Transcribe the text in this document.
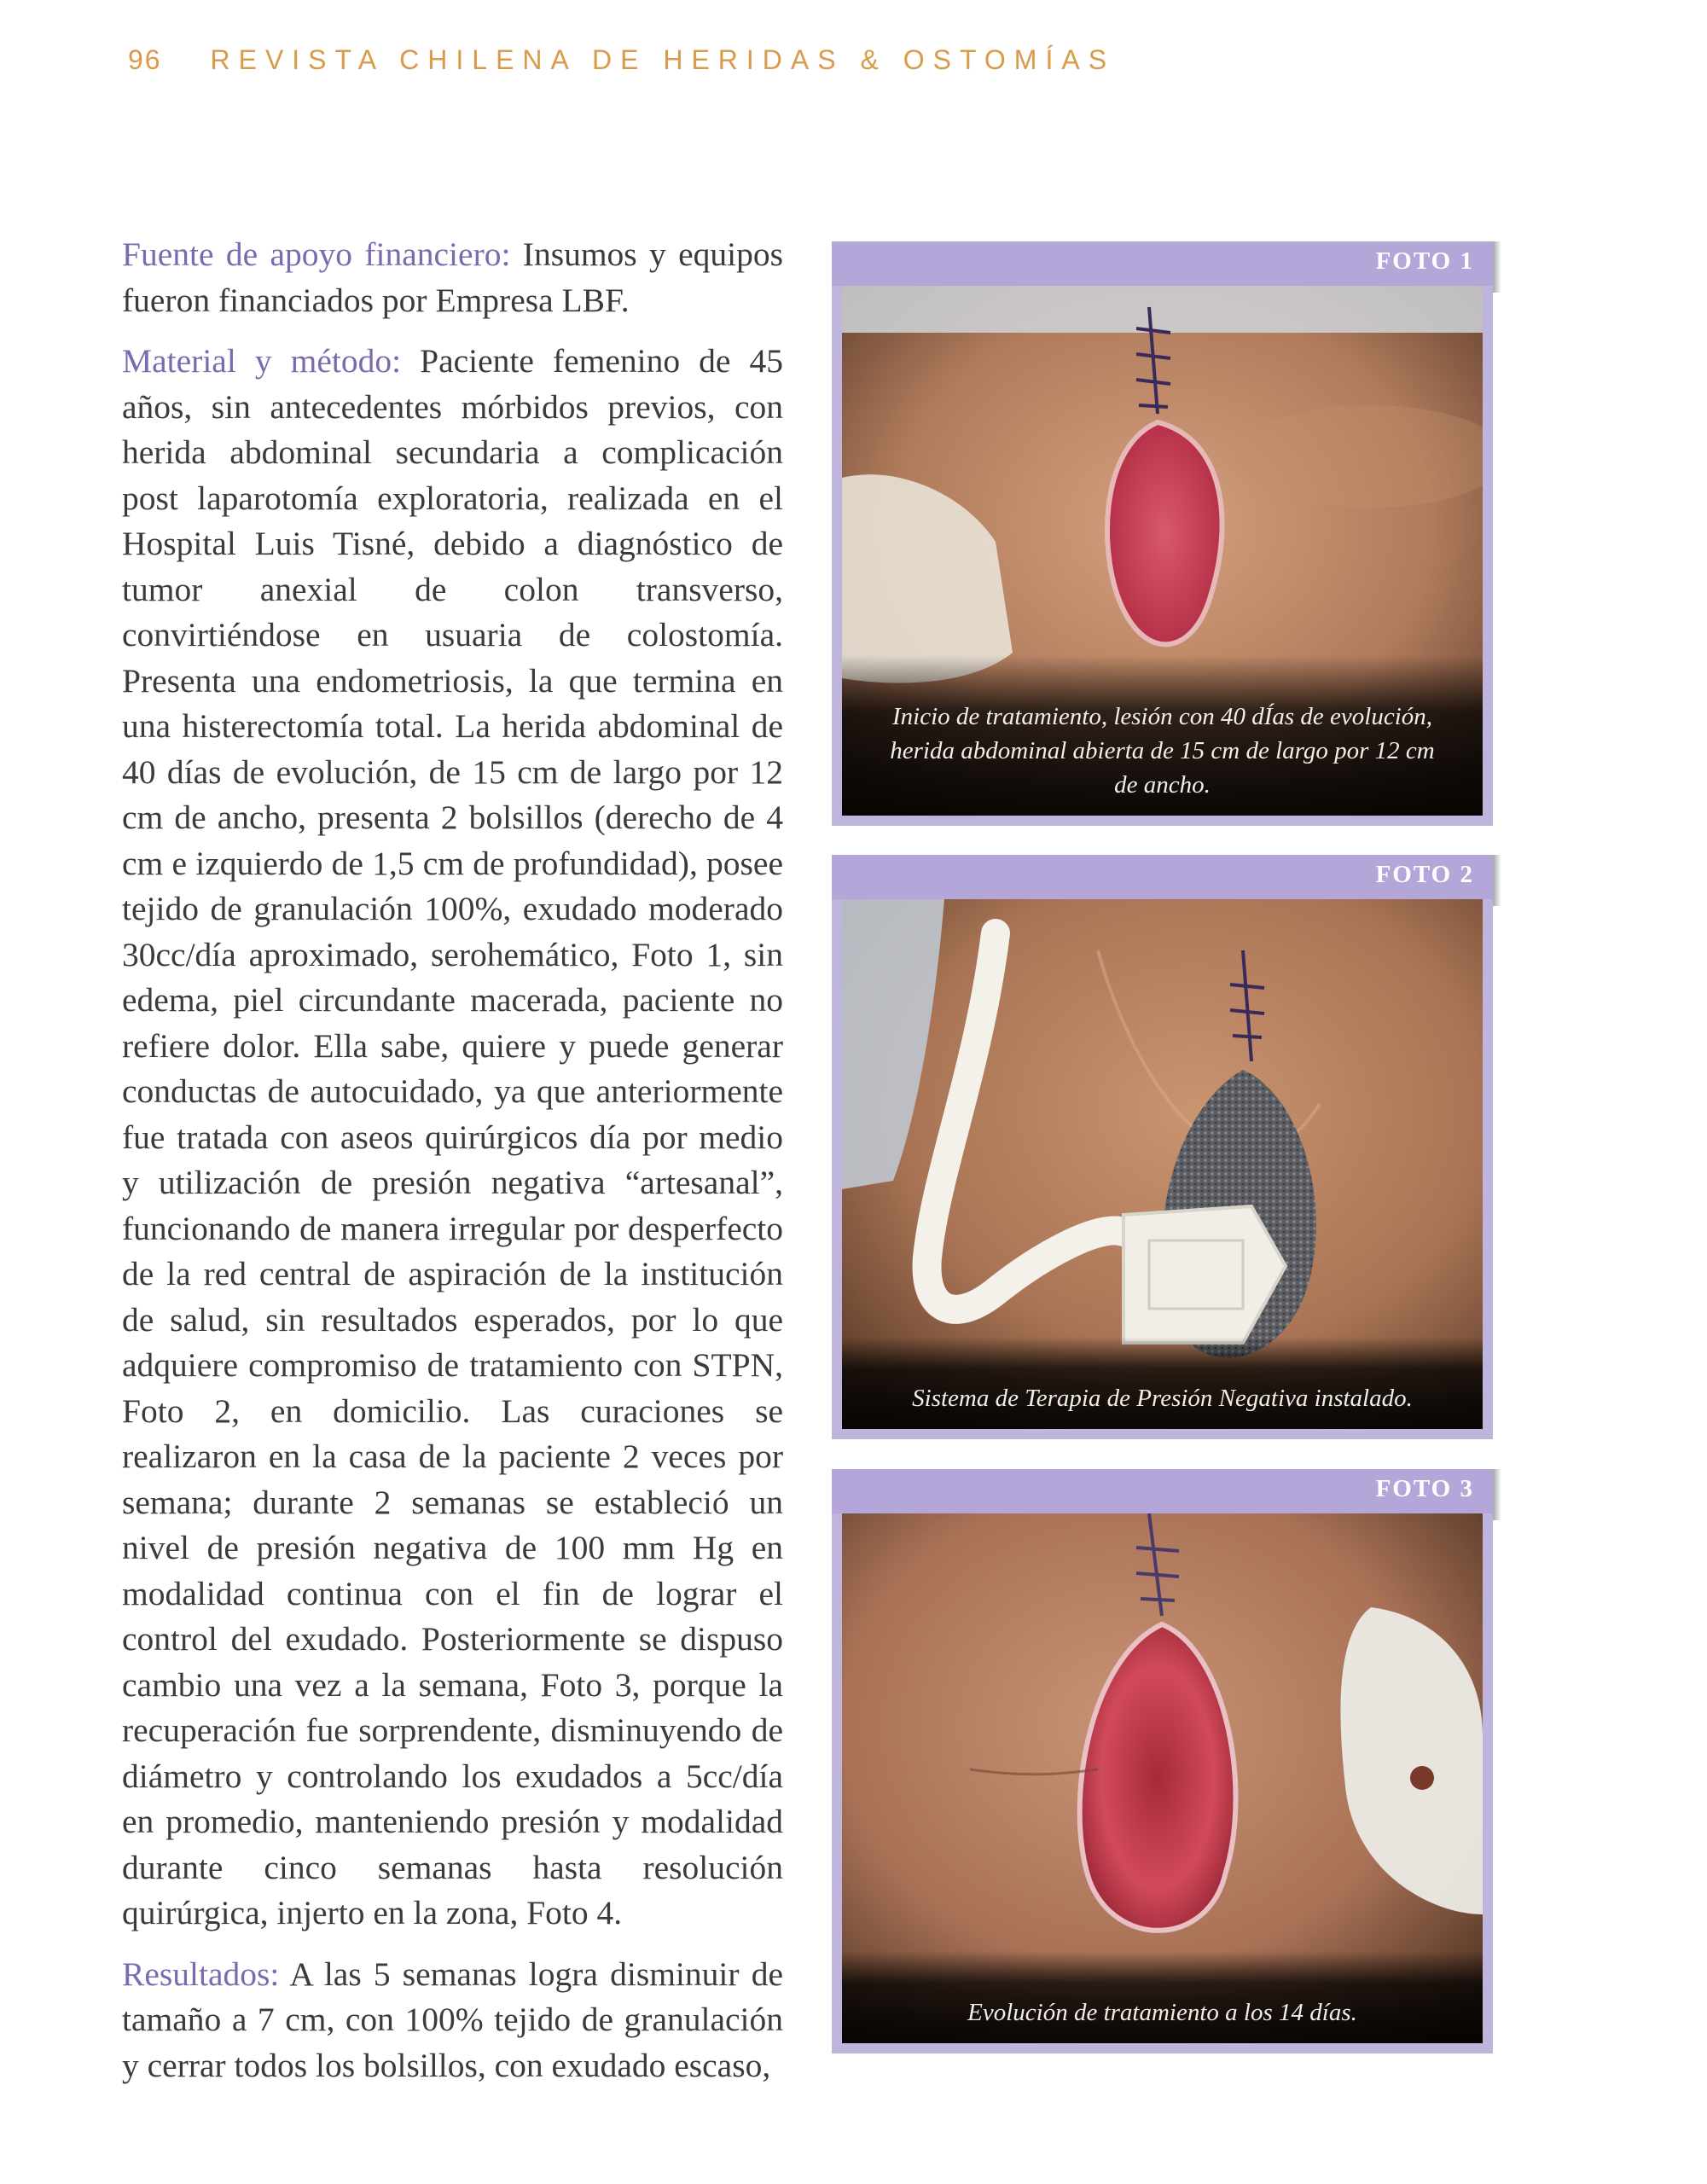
96 REVISTA CHILENA DE HERIDAS & OSTOMÍAS

Fuente de apoyo financiero: Insumos y equipos fueron financiados por Empresa LBF.

Material y método: Paciente femenino de 45 años, sin antecedentes mórbidos previos, con herida abdominal secundaria a complicación post laparotomía exploratoria, realizada en el Hospital Luis Tisné, debido a diagnóstico de tumor anexial de colon transverso, convirtiéndose en usuaria de colostomía. Presenta una endometriosis, la que termina en una histerectomía total. La herida abdominal de 40 días de evolución, de 15 cm de largo por 12 cm de ancho, presenta 2 bolsillos (derecho de 4 cm e izquierdo de 1,5 cm de profundidad), posee tejido de granulación 100%, exudado moderado 30cc/día aproximado, serohemático, Foto 1, sin edema, piel circundante macerada, paciente no refiere dolor. Ella sabe, quiere y puede generar conductas de autocuidado, ya que anteriormente fue tratada con aseos quirúrgicos día por medio y utilización de presión negativa “artesanal”, funcionando de manera irregular por desperfecto de la red central de aspiración de la institución de salud, sin resultados esperados, por lo que adquiere compromiso de tratamiento con STPN, Foto 2, en domicilio. Las curaciones se realizaron en la casa de la paciente 2 veces por semana; durante 2 semanas se estableció un nivel de presión negativa de 100 mm Hg en modalidad continua con el fin de lograr el control del exudado. Posteriormente se dispuso cambio una vez a la semana, Foto 3, porque la recuperación fue sorprendente, disminuyendo de diámetro y controlando los exudados a 5cc/día en promedio, manteniendo presión y modalidad durante cinco semanas hasta resolución quirúrgica, injerto en la zona, Foto 4.

Resultados: A las 5 semanas logra disminuir de tamaño a 7 cm, con 100% tejido de granulación y cerrar todos los bolsillos, con exudado escaso,

FOTO 1
Inicio de tratamiento, lesión con 40 dÍas de evolución, herida abdominal abierta de 15 cm de largo por 12 cm de ancho.
FOTO 2
Sistema de Terapia de Presión Negativa instalado.
FOTO 3
Evolución de tratamiento a los 14 días.
